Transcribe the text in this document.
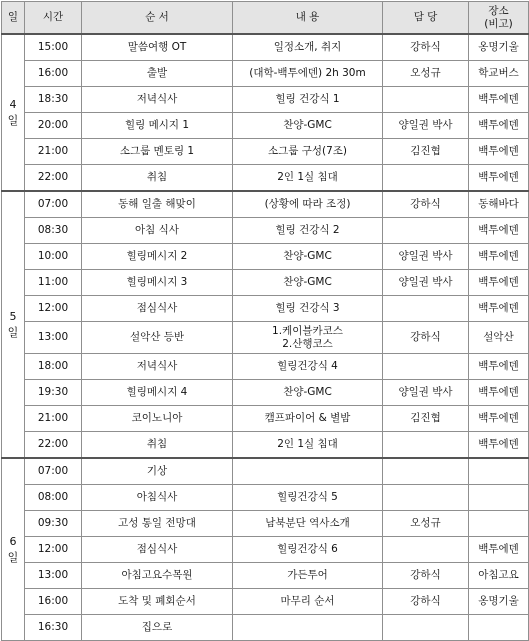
일	시간	순 서	내 용	담 당	장소
(비고)

4
일	15:00	말씀여행 OT	일정소개, 취지	강하식	옹명기울
	16:00	출발	(대학-백투에덴) 2h 30m	오성규	학교버스
	18:30	저녁식사	힐링 건강식 1		백투에덴
	20:00	힐링 메시지 1	찬양-GMC	양일권 박사	백투에덴
	21:00	소그룹 멘토링 1	소그룹 구성(7조)	김진협	백투에덴
	22:00	취침	2인 1실 침대		백투에덴

5
일	07:00	동해 일출 해맞이	(상황에 따라 조정)	강하식	동해바다
	08:30	아침 식사	힐링 건강식 2		백투에덴
	10:00	힐링메시지 2	찬양-GMC	양일권 박사	백투에덴
	11:00	힐링메시지 3	찬양-GMC	양일권 박사	백투에덴
	12:00	점심식사	힐링 건강식 3		백투에덴
	13:00	설악산 등반	1.케이블카코스
2.산행코스	강하식	설악산
	18:00	저녁식사	힐링건강식 4		백투에덴
	19:30	힐링메시지 4	찬양-GMC	양일권 박사	백투에덴
	21:00	코이노니아	캠프파이어 & 별밤	김진협	백투에덴
	22:00	취침	2인 1실 침대		백투에덴

6
일	07:00	기상			
	08:00	아침식사	힐링건강식 5		
	09:30	고성 통일 전망대	남북분단 역사소개	오성규	
	12:00	점심식사	힐링건강식 6		백투에덴
	13:00	아침고요수목원	가든투어	강하식	아침고요
	16:00	도착 및 폐회순서	마무리 순서	강하식	옹명기울
	16:30	집으로			
